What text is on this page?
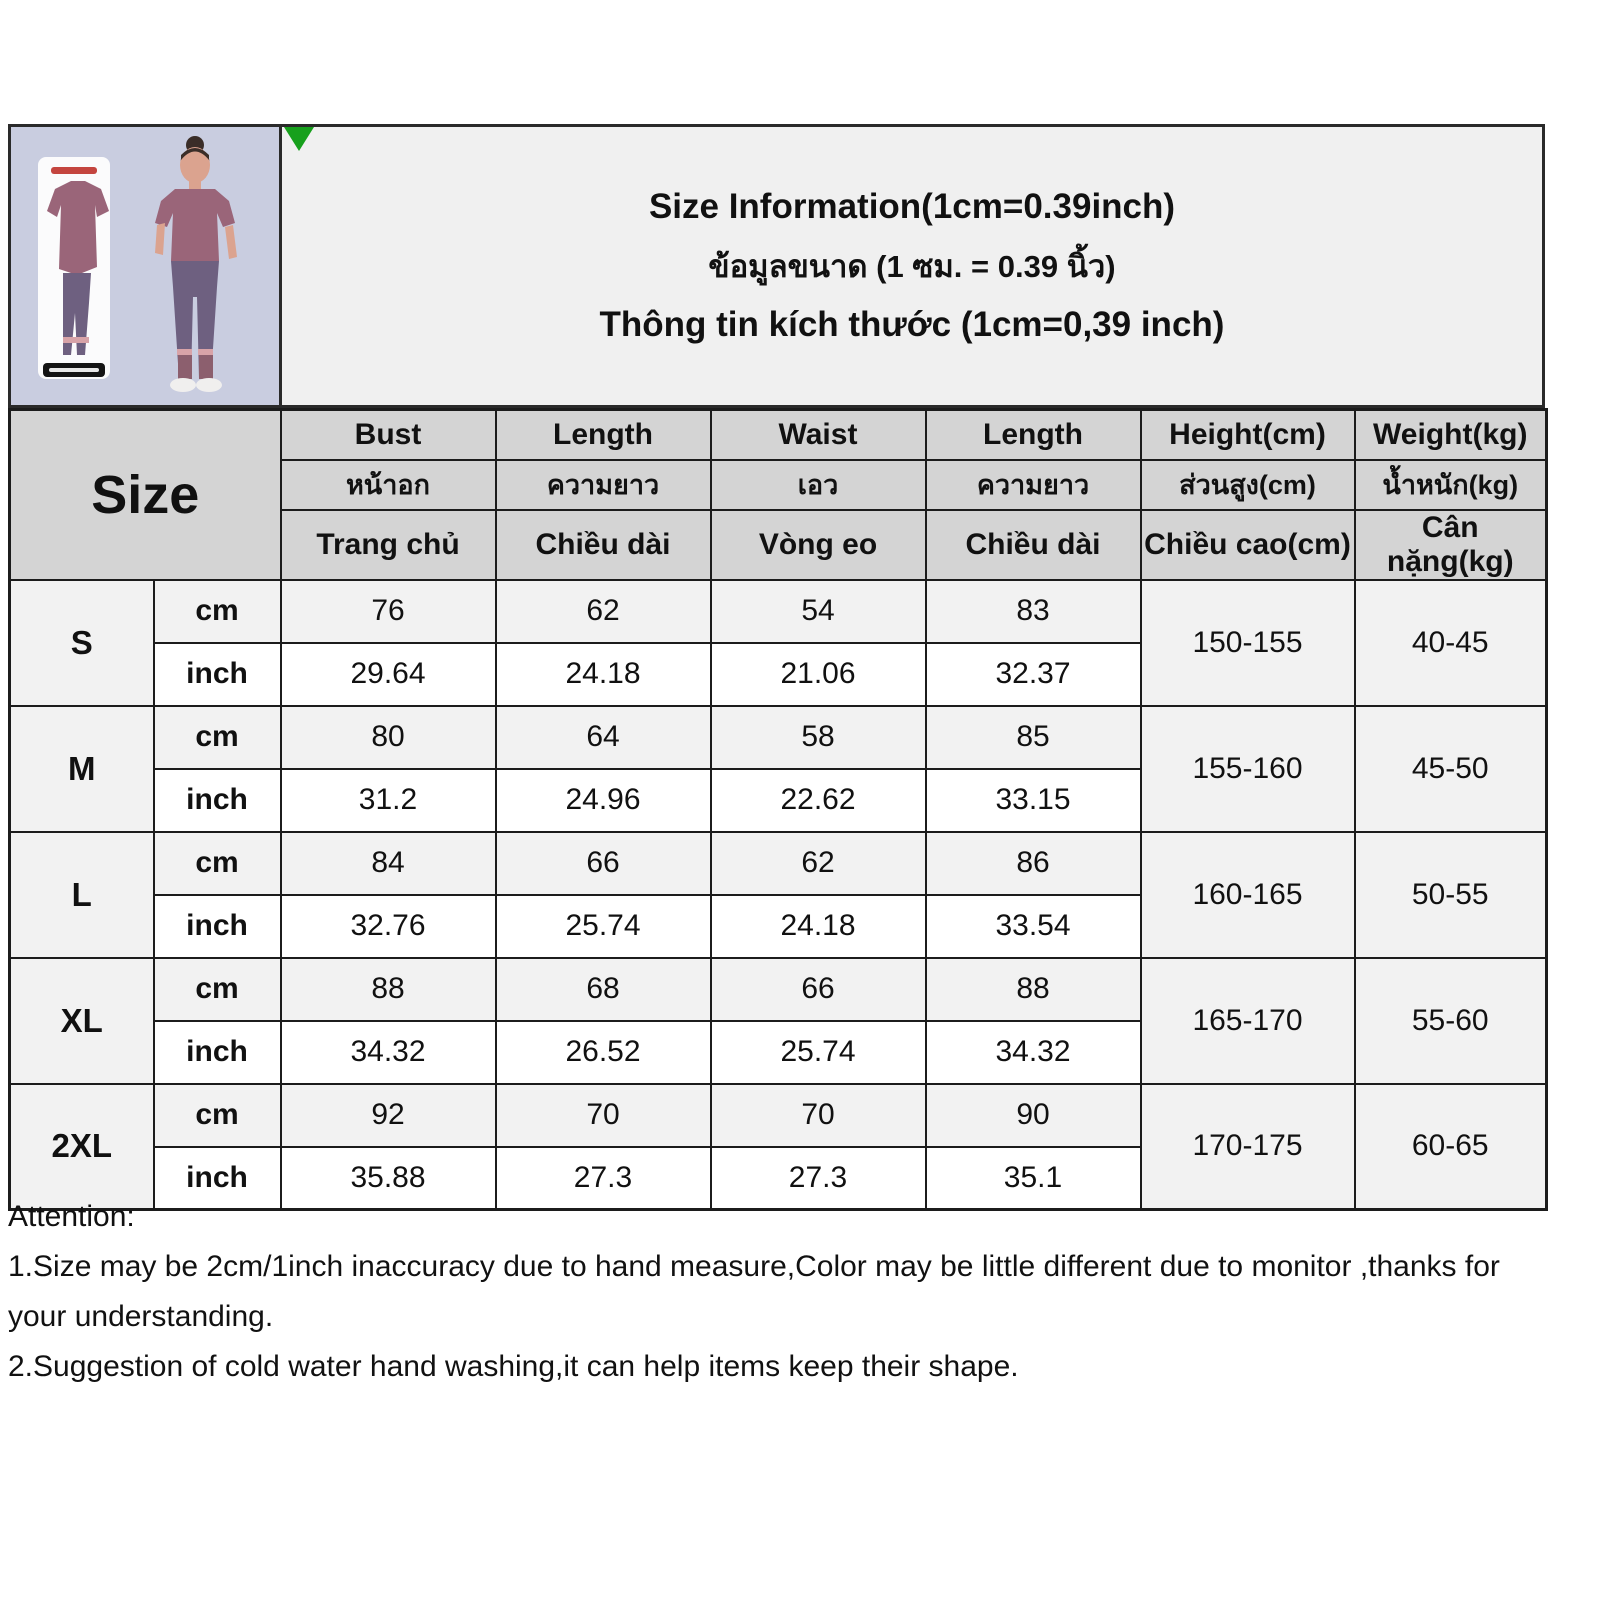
Size Information(1cm=0.39inch)
ข้อมูลขนาด (1 ซม. = 0.39 นิ้ว)
Thông tin kích thước (1cm=0,39 inch)
Size		Bust	Length	Waist	Length	Height(cm)	Weight(kg)
		หน้าอก	ความยาว	เอว	ความยาว	ส่วนสูง(cm)	น้ำหนัก(kg)
		Trang chủ	Chiều dài	Vòng eo	Chiều dài	Chiều cao(cm)	Cân nặng(kg)
S	cm	76	62	54	83	150-155	40-45
	inch	29.64	24.18	21.06	32.37		
M	cm	80	64	58	85	155-160	45-50
	inch	31.2	24.96	22.62	33.15		
L	cm	84	66	62	86	160-165	50-55
	inch	32.76	25.74	24.18	33.54		
XL	cm	88	68	66	88	165-170	55-60
	inch	34.32	26.52	25.74	34.32		
2XL	cm	92	70	70	90	170-175	60-65
	inch	35.88	27.3	27.3	35.1		
Attention:
1.Size may be 2cm/1inch inaccuracy due to hand measure,Color may be little different due to monitor ,thanks for your understanding.
2.Suggestion of cold water hand washing,it can help items keep their shape.
